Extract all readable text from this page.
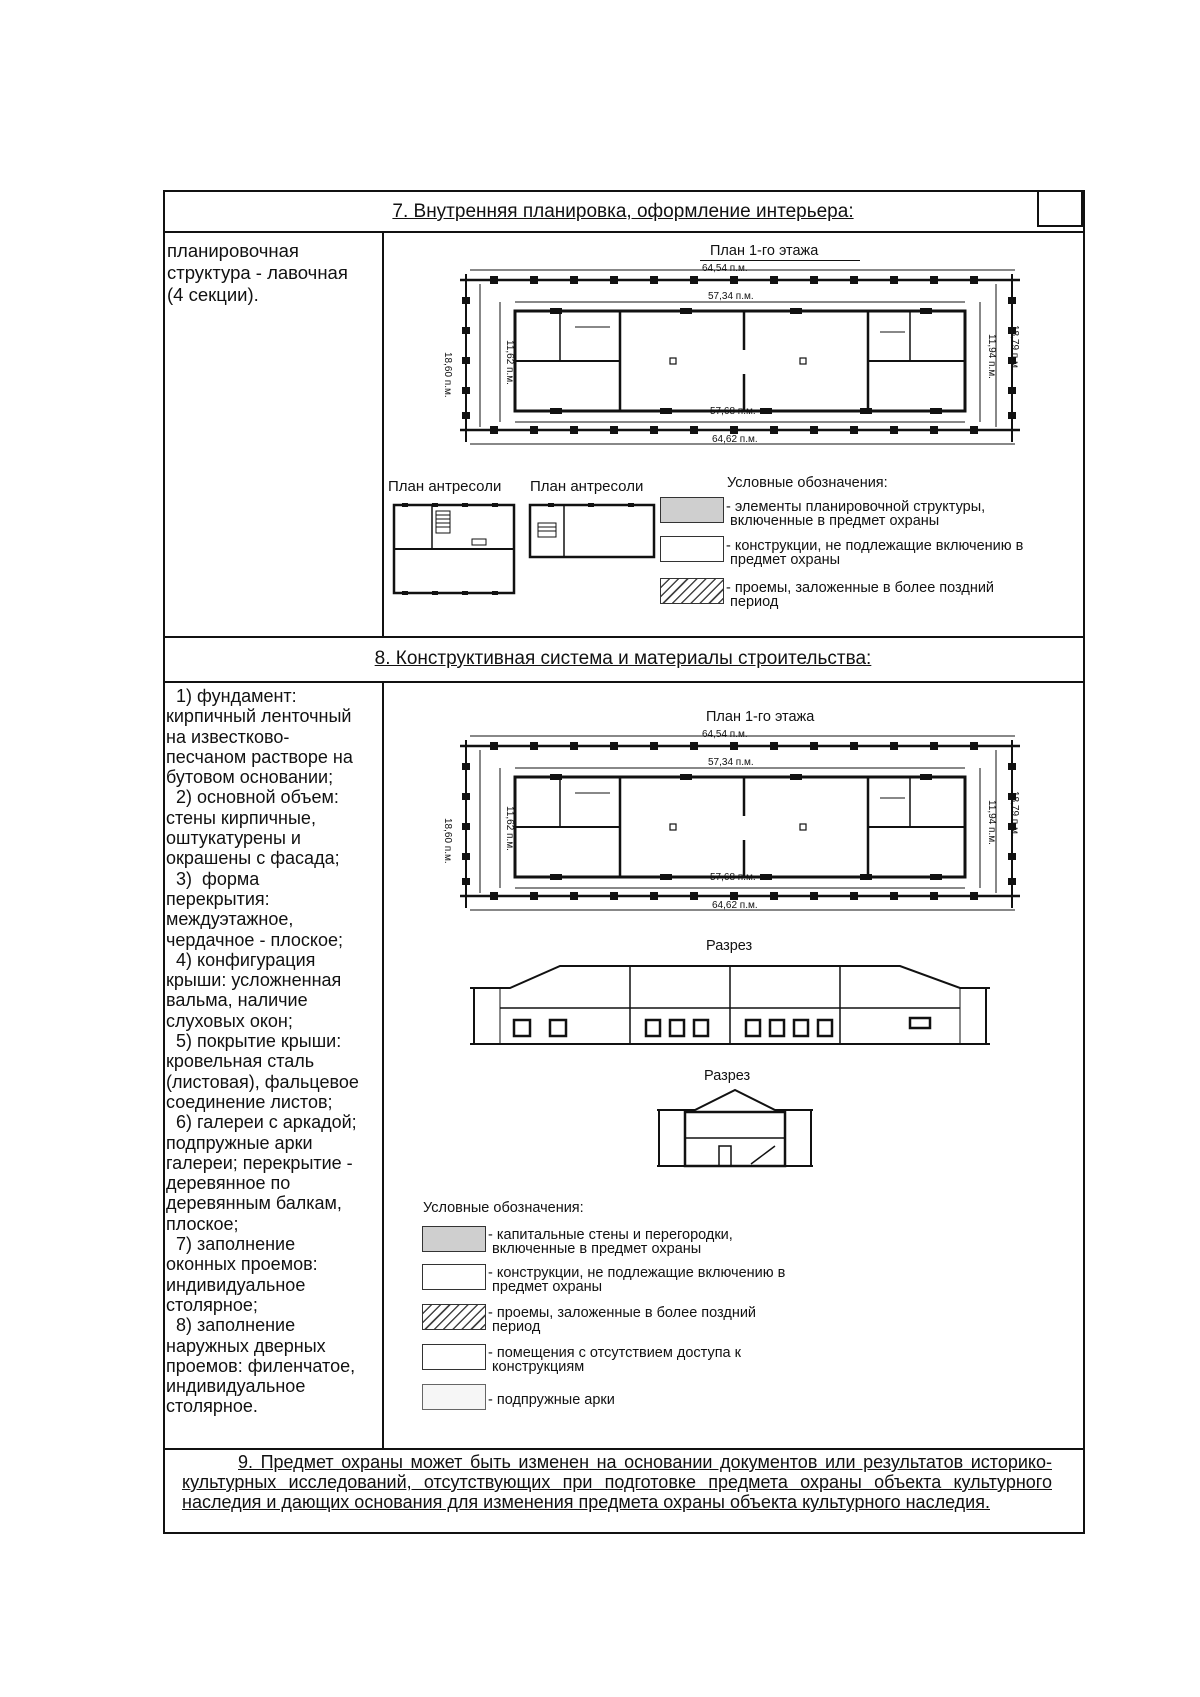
7. Внутренняя планировка, оформление интерьера:
планировочная
структура - лавочная
(4 секции).
План 1-го этажа
64,54 п.м.
57,34 п.м.
57,68 п.м.
64,62 п.м.
18,60 п.м.	11,62 п.м.	11,94 п.м. 18,79 п.м.
План антресоли План антресоли	Условные обозначения:
- элементы планировочной структуры,
включенные в предмет охраны
- конструкции, не подлежащие включению в
предмет охраны
- проемы, заложенные в более поздний
период
8. Конструктивная система и материалы строительства:
1) фундамент:
кирпичный ленточный
на известково-
песчаном растворе на
бутовом основании;
2) основной объем:
стены кирпичные,
оштукатурены и
окрашены с фасада;
3)  форма
перекрытия:
междуэтажное,
чердачное - плоское;
4) конфигурация
крыши: усложненная
вальма, наличие
слуховых окон;
5) покрытие крыши:
кровельная сталь
(листовая), фальцевое
соединение листов;
6) галереи с аркадой;
подпружные арки
галереи; перекрытие -
деревянное по
деревянным балкам,
плоское;
7) заполнение
оконных проемов:
индивидуальное
столярное;
8) заполнение
наружных дверных
проемов: филенчатое,
индивидуальное
столярное.
План 1-го этажа
64,54 п.м.
57,34 п.м.
57,68 п.м.
64,62 п.м.
18,60 п.м.	11,62 п.м.	11,94 п.м. 18,79 п.м.
Разрез
Разрез
Условные обозначения:
- капитальные стены и перегородки,
включенные в предмет охраны
- конструкции, не подлежащие включению в
предмет охраны
- проемы, заложенные в более поздний
период
- помещения с отсутствием доступа к
конструкциям
- подпружные арки
9. Предмет охраны может быть изменен на основании документов или результатов историко-культурных исследований, отсутствующих при подготовке предмета охраны объекта культурного наследия и дающих основания для изменения предмета охраны объекта культурного наследия.
